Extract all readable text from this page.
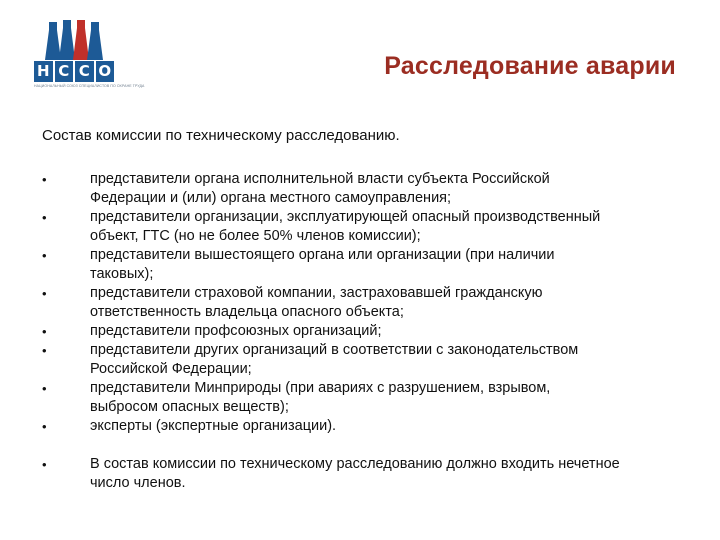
Н С С О
НАЦИОНАЛЬНЫЙ СОЮЗ СПЕЦИАЛИСТОВ ПО ОХРАНЕ ТРУДА
Расследование аварии

Состав комиссии по техническому расследованию.

•	представители органа исполнительной власти субъекта Российской
Федерации и (или) органа местного самоуправления;
•	представители организации, эксплуатирующей опасный производственный
объект, ГТС (но не более 50% членов комиссии);
•	представители вышестоящего органа или организации (при наличии
таковых);
•	представители страховой компании, застраховавшей гражданскую
ответственность владельца опасного объекта;
•	представители профсоюзных организаций;
•	представители других организаций в соответствии с законодательством
Российской Федерации;
•	представители Минприроды (при авариях с разрушением, взрывом,
выбросом опасных веществ);
•	эксперты (экспертные организации).
•	В состав комиссии по техническому расследованию должно входить нечетное
число членов.
